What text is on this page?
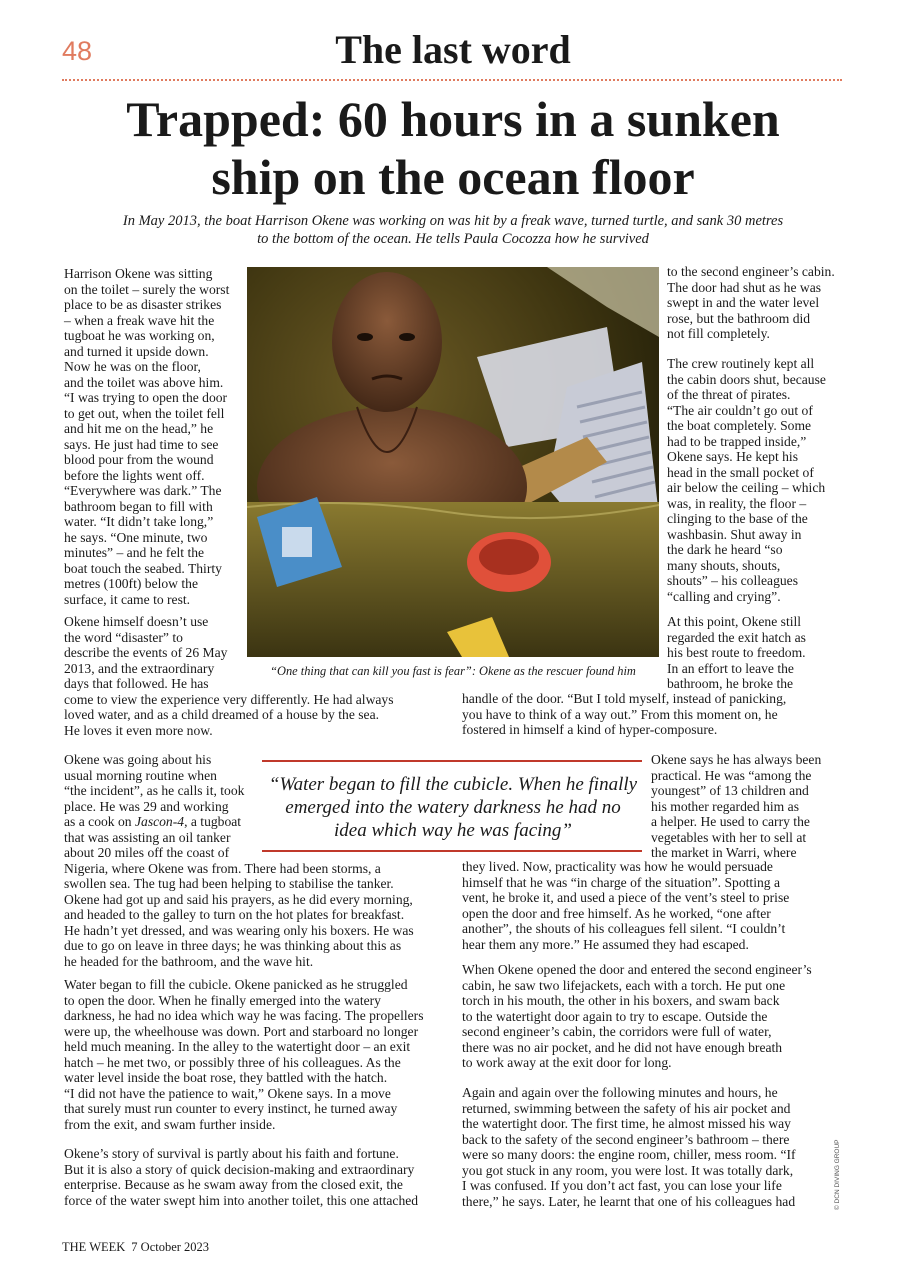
48	The last word
Trapped: 60 hours in a sunken
ship on the ocean floor
In May 2013, the boat Harrison Okene was working on was hit by a freak wave, turned turtle, and sank 30 metres
to the bottom of the ocean. He tells Paula Cocozza how he survived
“One thing that can kill you fast is fear”: Okene as the rescuer found him
Harrison Okene was sitting
on the toilet – surely the worst
place to be as disaster strikes
– when a freak wave hit the
tugboat he was working on,
and turned it upside down.
Now he was on the floor,
and the toilet was above him.
“I was trying to open the door
to get out, when the toilet fell
and hit me on the head,” he
says. He just had time to see
blood pour from the wound
before the lights went off.
“Everywhere was dark.” The
bathroom began to fill with
water. “It didn’t take long,”
he says. “One minute, two
minutes” – and he felt the
boat touch the seabed. Thirty
metres (100ft) below the
surface, it came to rest.
Okene himself doesn’t use
the word “disaster” to
describe the events of 26 May
2013, and the extraordinary
days that followed. He has
come to view the experience very differently. He had always
loved water, and as a child dreamed of a house by the sea.
He loves it even more now.
Okene was going about his
usual morning routine when
“the incident”, as he calls it, took
place. He was 29 and working
as a cook on Jascon-4, a tugboat
that was assisting an oil tanker
about 20 miles off the coast of
Nigeria, where Okene was from. There had been storms, a
swollen sea. The tug had been helping to stabilise the tanker.
Okene had got up and said his prayers, as he did every morning,
and headed to the galley to turn on the hot plates for breakfast.
He hadn’t yet dressed, and was wearing only his boxers. He was
due to go on leave in three days; he was thinking about this as
he headed for the bathroom, and the wave hit.
Water began to fill the cubicle. Okene panicked as he struggled
to open the door. When he finally emerged into the watery
darkness, he had no idea which way he was facing. The propellers
were up, the wheelhouse was down. Port and starboard no longer
held much meaning. In the alley to the watertight door – an exit
hatch – he met two, or possibly three of his colleagues. As the
water level inside the boat rose, they battled with the hatch.
“I did not have the patience to wait,” Okene says. In a move
that surely must run counter to every instinct, he turned away
from the exit, and swam further inside.
Okene’s story of survival is partly about his faith and fortune.
But it is also a story of quick decision-making and extraordinary
enterprise. Because as he swam away from the closed exit, the
force of the water swept him into another toilet, this one attached
to the second engineer’s cabin.
The door had shut as he was
swept in and the water level
rose, but the bathroom did
not fill completely.
The crew routinely kept all
the cabin doors shut, because
of the threat of pirates.
“The air couldn’t go out of
the boat completely. Some
had to be trapped inside,”
Okene says. He kept his
head in the small pocket of
air below the ceiling – which
was, in reality, the floor –
clinging to the base of the
washbasin. Shut away in
the dark he heard “so
many shouts, shouts,
shouts” – his colleagues
“calling and crying”.
At this point, Okene still
regarded the exit hatch as
his best route to freedom.
In an effort to leave the
bathroom, he broke the
handle of the door. “But I told myself, instead of panicking,
you have to think of a way out.” From this moment on, he
fostered in himself a kind of hyper-composure.
Okene says he has always been
practical. He was “among the
youngest” of 13 children and
his mother regarded him as
a helper. He used to carry the
vegetables with her to sell at
the market in Warri, where
they lived. Now, practicality was how he would persuade
himself that he was “in charge of the situation”. Spotting a
vent, he broke it, and used a piece of the vent’s steel to prise
open the door and free himself. As he worked, “one after
another”, the shouts of his colleagues fell silent. “I couldn’t
hear them any more.” He assumed they had escaped.
When Okene opened the door and entered the second engineer’s
cabin, he saw two lifejackets, each with a torch. He put one
torch in his mouth, the other in his boxers, and swam back
to the watertight door again to try to escape. Outside the
second engineer’s cabin, the corridors were full of water,
there was no air pocket, and he did not have enough breath
to work away at the exit door for long.
Again and again over the following minutes and hours, he
returned, swimming between the safety of his air pocket and
the watertight door. The first time, he almost missed his way
back to the safety of the second engineer’s bathroom – there
were so many doors: the engine room, chiller, mess room. “If
you got stuck in any room, you were lost. It was totally dark,
I was confused. If you don’t act fast, you can lose your life
there,” he says. Later, he learnt that one of his colleagues had
“Water began to fill the cubicle. When he finally emerged into the watery darkness he had no idea which way he was facing”
© DCN DIVING GROUP
THE WEEK 7 October 2023
